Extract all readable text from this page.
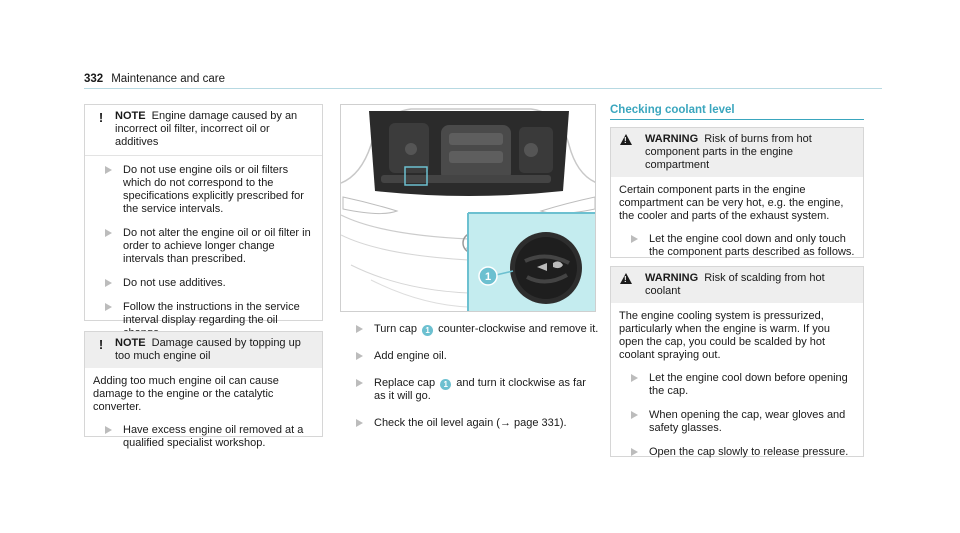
332 Maintenance and care
!	NOTE Engine damage caused by an incorrect oil filter, incorrect oil or additives
Do not use engine oils or oil filters which do not correspond to the specifications explicitly prescribed for the service intervals.
Do not alter the engine oil or oil filter in order to achieve longer change intervals than prescribed.
Do not use additives.
Follow the instructions in the service interval display regarding the oil
!	NOTE Damage caused by topping up too much engine oil
Adding too much engine oil can cause damage to the engine or the catalytic converter.
Have excess engine oil removed at a qualified specialist workshop.
1
Turn cap 1 counter-clockwise and remove it.
Add engine oil.
Replace cap 1 and turn it clockwise as far as it will go.
Check the oil level again (→ page 331).
Checking coolant level
!
WARNING Risk of burns from hot component parts in the engine compartment
Certain component parts in the engine compartment can be very hot, e.g. the engine, the cooler and parts of the exhaust system.
Let the engine cool down and only touch the component parts described as follows.
!
WARNING Risk of scalding from hot coolant
The engine cooling system is pressurized, particularly when the engine is warm. If you open the cap, you could be scalded by hot coolant spraying out.
Let the engine cool down before opening the cap.
When opening the cap, wear gloves and safety glasses.
Open the cap slowly to release pressure.
